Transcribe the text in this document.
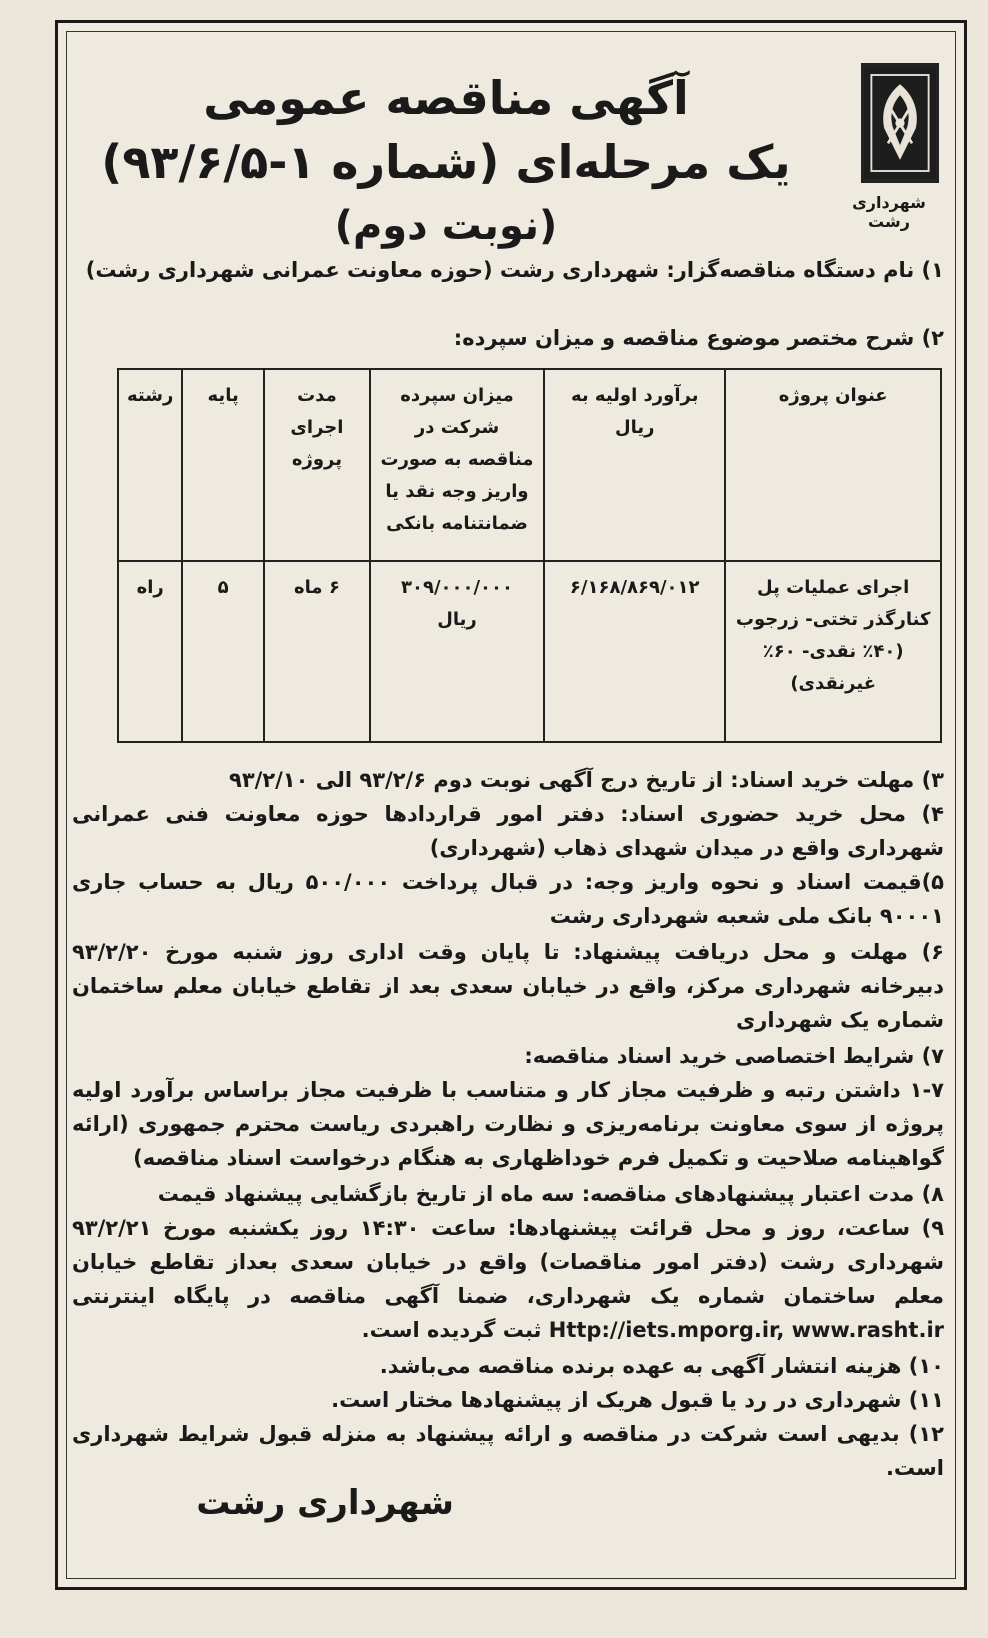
شهرداری رشت
آگهی مناقصه عمومی
یک مرحله‌ای (شماره ۱-۹۳/۶/۵)
(نوبت دوم)
۱) نام دستگاه مناقصه‌گزار: شهرداری رشت (حوزه معاونت عمرانی شهرداری رشت)
۲) شرح مختصر موضوع مناقصه و میزان سپرده:
عنوان پروژه	برآورد اولیه به ریال	میزان سپرده شرکت در مناقصه به صورت واریز وجه نقد یا ضمانتنامه بانکی	مدت اجرای پروژه	پایه	رشته
اجرای عملیات پل کنارگذر تختی- زرجوب (۴۰٪ نقدی- ۶۰٪ غیرنقدی)	۶/۱۶۸/۸۶۹/۰۱۲	۳۰۹/۰۰۰/۰۰۰ ریال	۶ ماه	۵	راه
۳) مهلت خرید اسناد: از تاریخ درج آگهی نوبت دوم ۹۳/۲/۶ الی ۹۳/۲/۱۰
۴) محل خرید حضوری اسناد: دفتر امور قراردادها حوزه معاونت فنی عمرانی شهرداری واقع در میدان شهدای ذهاب (شهرداری)
۵)قیمت اسناد و نحوه واریز وجه: در قبال پرداخت ۵۰۰/۰۰۰ ریال به حساب جاری ۹۰۰۰۱ بانک ملی شعبه شهرداری رشت
۶) مهلت و محل دریافت پیشنهاد: تا پایان وقت اداری روز شنبه مورخ ۹۳/۲/۲۰ دبیرخانه شهرداری مرکز، واقع در خیابان سعدی بعد از تقاطع خیابان معلم ساختمان شماره یک شهرداری
۷) شرایط اختصاصی خرید اسناد مناقصه:
۱-۷ داشتن رتبه و ظرفیت مجاز کار و متناسب با ظرفیت مجاز براساس برآورد اولیه پروژه از سوی معاونت برنامه‌ریزی و نظارت راهبردی ریاست محترم جمهوری (ارائه گواهینامه صلاحیت و تکمیل فرم خوداظهاری به هنگام درخواست اسناد مناقصه)
۸) مدت اعتبار پیشنهادهای مناقصه: سه ماه از تاریخ بازگشایی پیشنهاد قیمت
۹) ساعت، روز و محل قرائت پیشنهادها: ساعت ۱۴:۳۰ روز یکشنبه مورخ ۹۳/۲/۲۱ شهرداری رشت (دفتر امور مناقصات) واقع در خیابان سعدی بعداز تقاطع خیابان معلم ساختمان شماره یک شهرداری، ضمنا آگهی مناقصه در پایگاه اینترنتی Http://iets.mporg.ir, www.rasht.ir ثبت گردیده است.
۱۰) هزینه انتشار آگهی به عهده برنده مناقصه می‌باشد.
۱۱) شهرداری در رد یا قبول هریک از پیشنهادها مختار است.
۱۲) بدیهی است شرکت در مناقصه و ارائه پیشنهاد به منزله قبول شرایط شهرداری است.
شهرداری رشت
